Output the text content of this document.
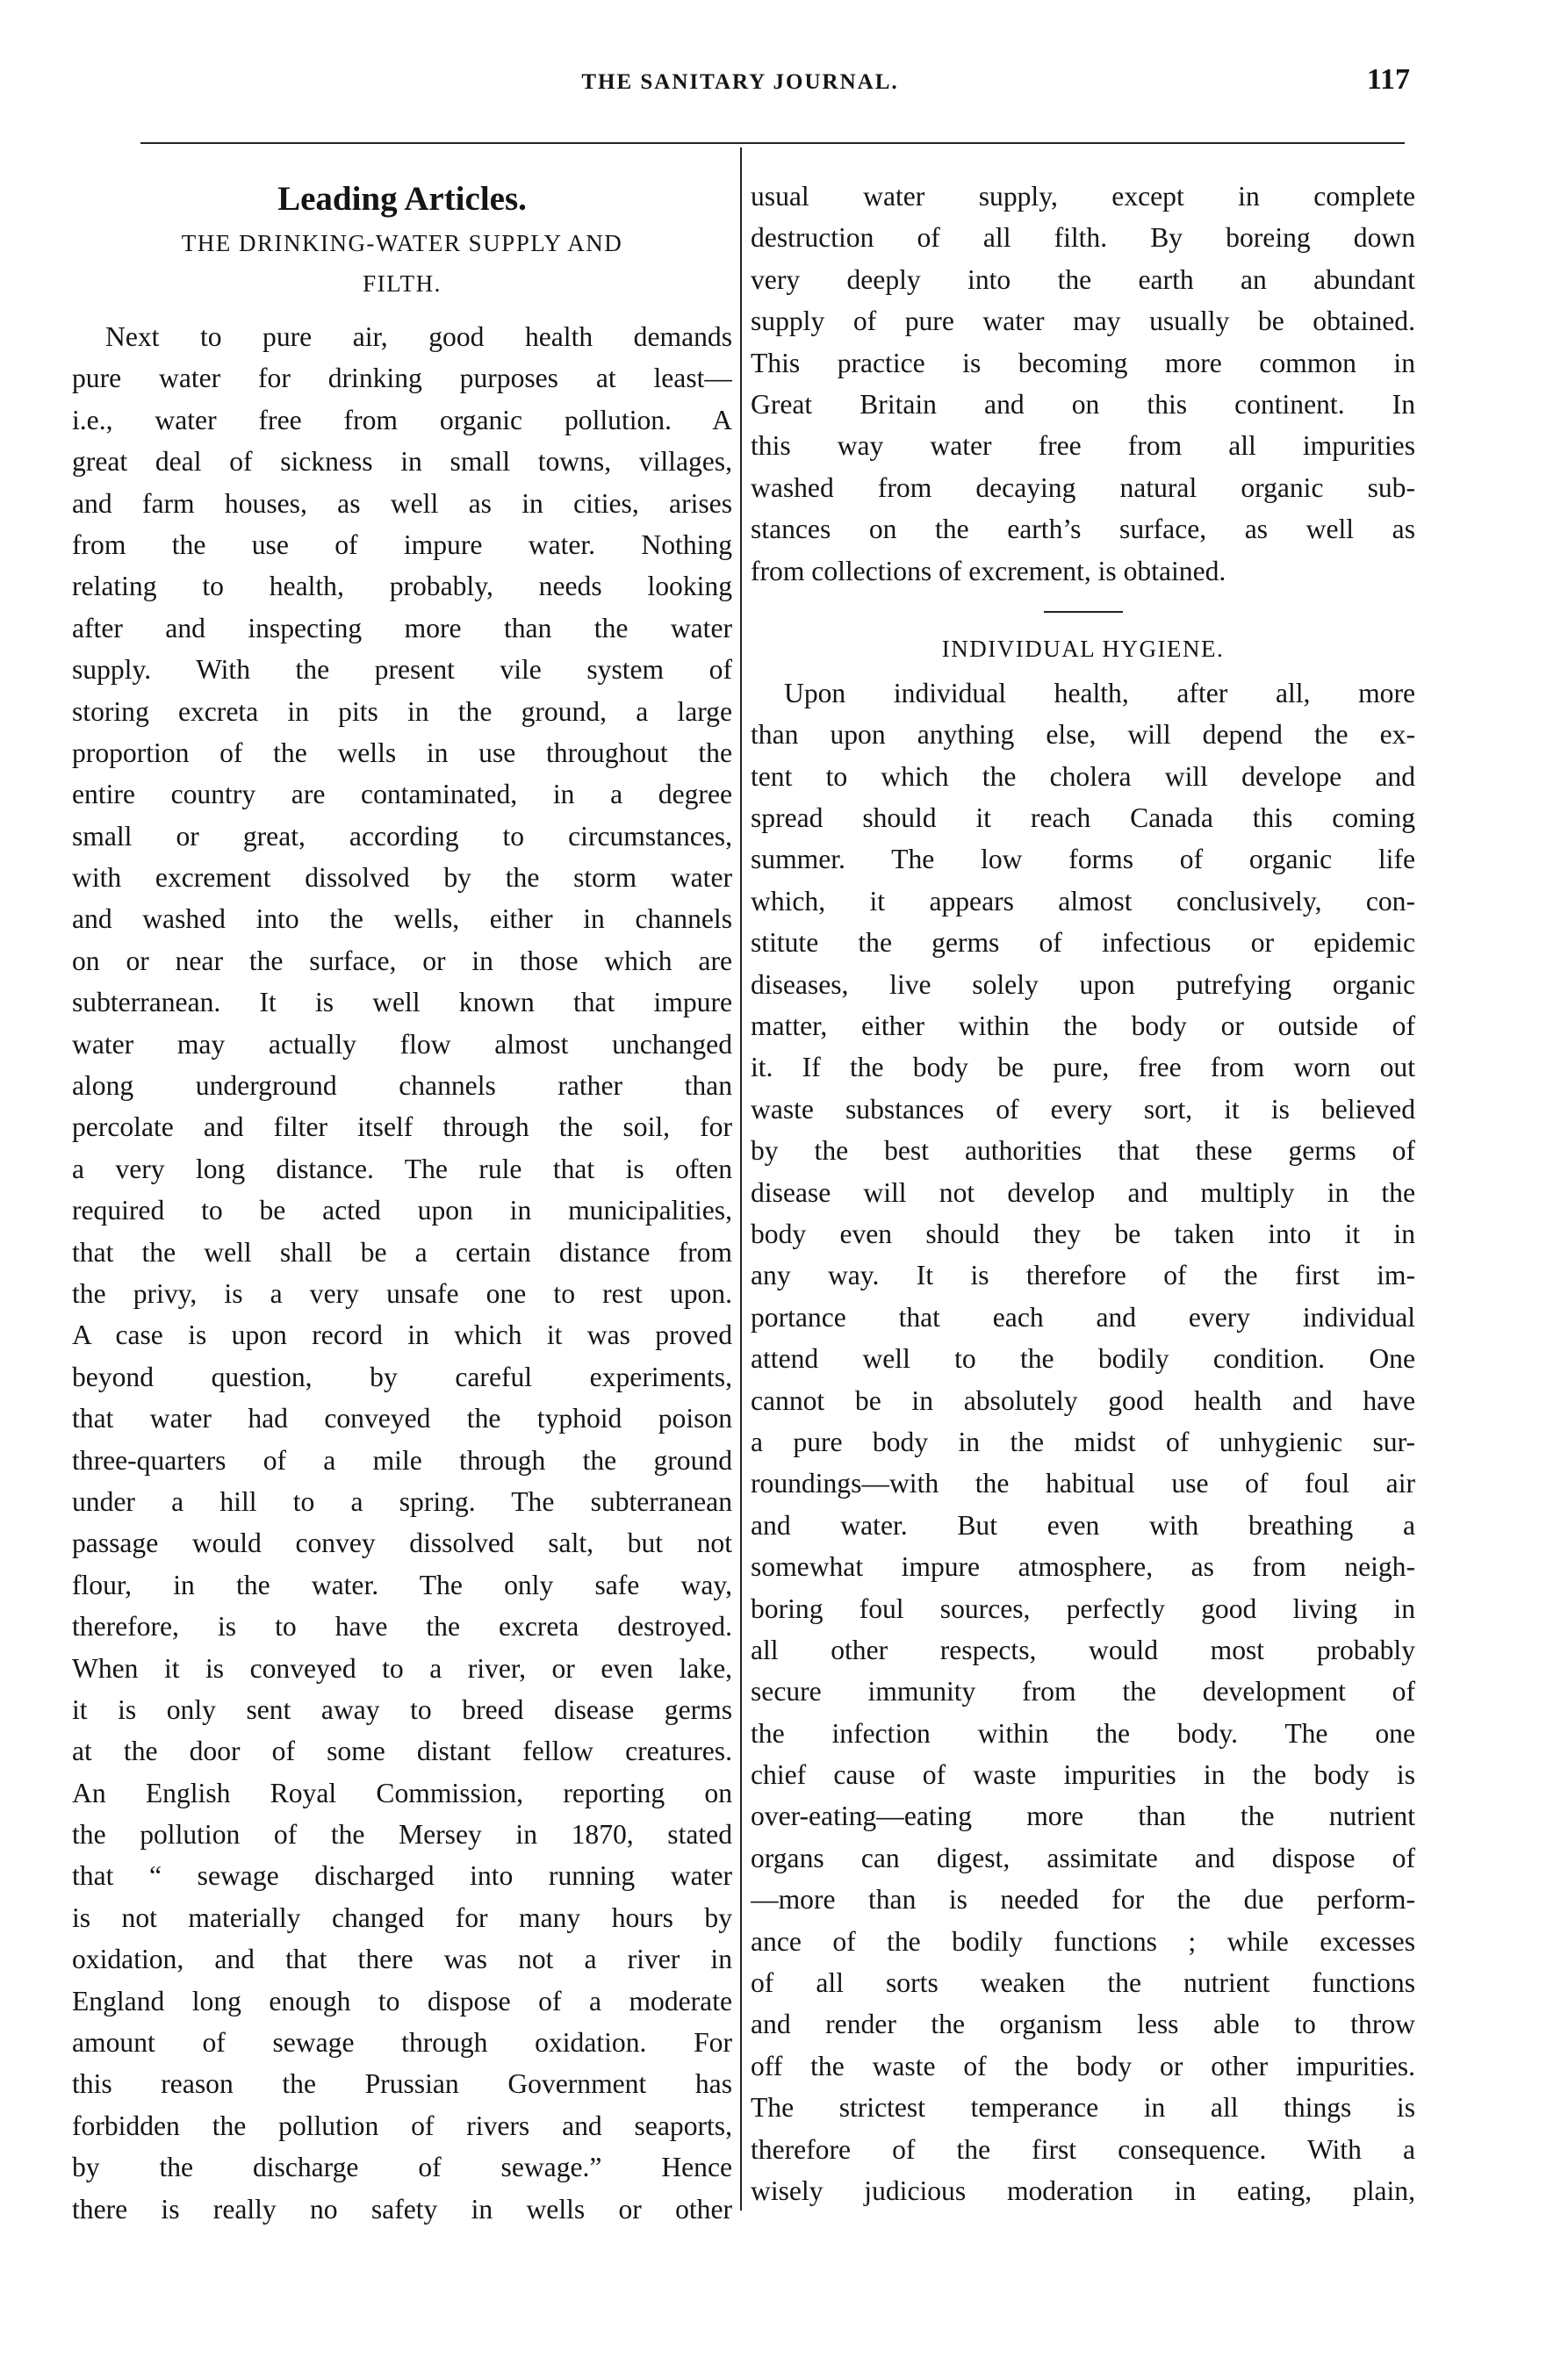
THE SANITARY JOURNAL.	117
Leading Articles.
THE DRINKING-WATER SUPPLY AND
FILTH.
Next to pure air, good health demands
pure water for drinking purposes at least—
i.e., water free from organic pollution. A
great deal of sickness in small towns, villages,
and farm houses, as well as in cities, arises
from the use of impure water. Nothing
relating to health, probably, needs looking
after and inspecting more than the water
supply. With the present vile system of
storing excreta in pits in the ground, a large
proportion of the wells in use throughout the
entire country are contaminated, in a degree
small or great, according to circumstances,
with excrement dissolved by the storm water
and washed into the wells, either in channels
on or near the surface, or in those which are
subterranean. It is well known that impure
water may actually flow almost unchanged
along underground channels rather than
percolate and filter itself through the soil, for
a very long distance. The rule that is often
required to be acted upon in municipalities,
that the well shall be a certain distance from
the privy, is a very unsafe one to rest upon.
A case is upon record in which it was proved
beyond question, by careful experiments,
that water had conveyed the typhoid poison
three-quarters of a mile through the ground
under a hill to a spring. The subterranean
passage would convey dissolved salt, but not
flour, in the water. The only safe way,
therefore, is to have the excreta destroyed.
When it is conveyed to a river, or even lake,
it is only sent away to breed disease germs
at the door of some distant fellow creatures.
An English Royal Commission, reporting on
the pollution of the Mersey in 1870, stated
that “ sewage discharged into running water
is not materially changed for many hours by
oxidation, and that there was not a river in
England long enough to dispose of a moderate
amount of sewage through oxidation. For
this reason the Prussian Government has
forbidden the pollution of rivers and seaports,
by the discharge of sewage.” Hence
there is really no safety in wells or other
usual water supply, except in complete
destruction of all filth. By boreing down
very deeply into the earth an abundant
supply of pure water may usually be obtained.
This practice is becoming more common in
Great Britain and on this continent. In
this way water free from all impurities
washed from decaying natural organic sub-
stances on the earth’s surface, as well as
from collections of excrement, is obtained.
INDIVIDUAL HYGIENE.
Upon individual health, after all, more
than upon anything else, will depend the ex-
tent to which the cholera will develope and
spread should it reach Canada this coming
summer. The low forms of organic life
which, it appears almost conclusively, con-
stitute the germs of infectious or epidemic
diseases, live solely upon putrefying organic
matter, either within the body or outside of
it. If the body be pure, free from worn out
waste substances of every sort, it is believed
by the best authorities that these germs of
disease will not develop and multiply in the
body even should they be taken into it in
any way. It is therefore of the first im-
portance that each and every individual
attend well to the bodily condition. One
cannot be in absolutely good health and have
a pure body in the midst of unhygienic sur-
roundings—with the habitual use of foul air
and water. But even with breathing a
somewhat impure atmosphere, as from neigh-
boring foul sources, perfectly good living in
all other respects, would most probably
secure immunity from the development of
the infection within the body. The one
chief cause of waste impurities in the body is
over-eating—eating more than the nutrient
organs can digest, assimitate and dispose of
—more than is needed for the due perform-
ance of the bodily functions ; while excesses
of all sorts weaken the nutrient functions
and render the organism less able to throw
off the waste of the body or other impurities.
The strictest temperance in all things is
therefore of the first consequence. With a
wisely judicious moderation in eating, plain,
